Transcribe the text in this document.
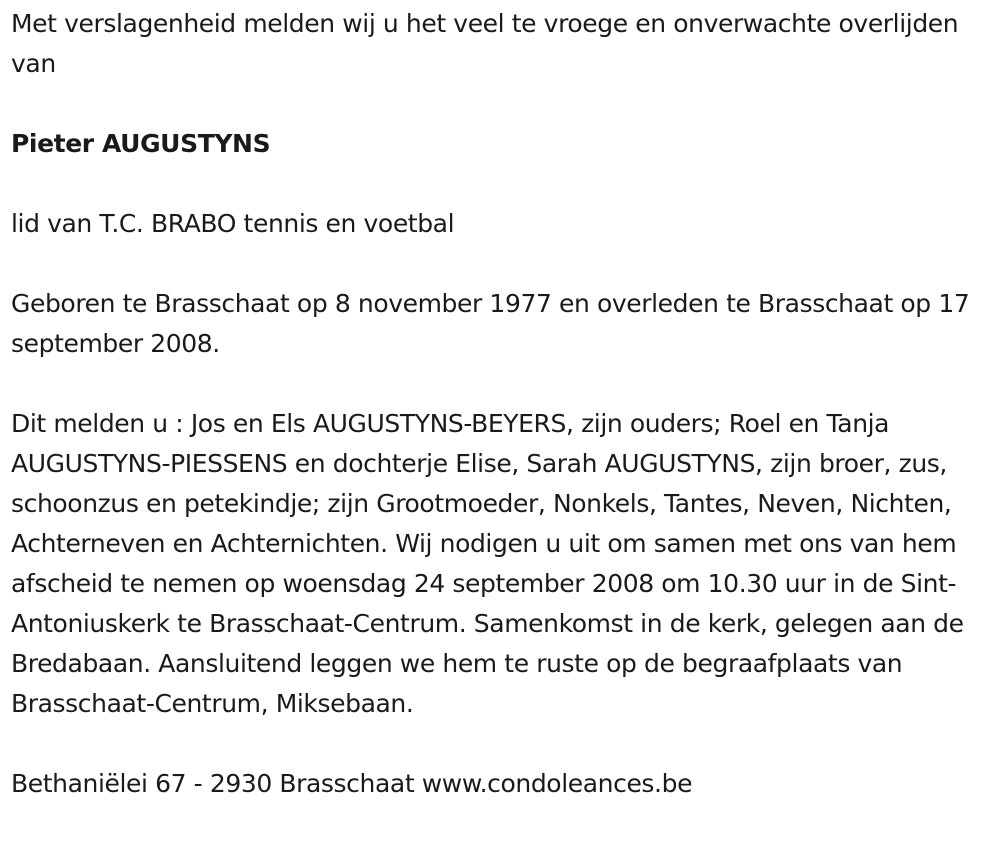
Met verslagenheid melden wij u het veel te vroege en onverwachte overlijden van

Pieter AUGUSTYNS

lid van T.C. BRABO tennis en voetbal

Geboren te Brasschaat op 8 november 1977 en overleden te Brasschaat op 17 september 2008.

Dit melden u : Jos en Els AUGUSTYNS-BEYERS, zijn ouders; Roel en Tanja AUGUSTYNS-PIESSENS en dochterje Elise, Sarah AUGUSTYNS, zijn broer, zus, schoonzus en petekindje; zijn Grootmoeder, Nonkels, Tantes, Neven, Nichten, Achterneven en Achternichten. Wij nodigen u uit om samen met ons van hem afscheid te nemen op woensdag 24 september 2008 om 10.30 uur in de Sint-Antoniuskerk te Brasschaat-Centrum. Samenkomst in de kerk, gelegen aan de Bredabaan. Aansluitend leggen we hem te ruste op de begraafplaats van Brasschaat-Centrum, Miksebaan.

Bethaniëlei 67 - 2930 Brasschaat www.condoleances.be
